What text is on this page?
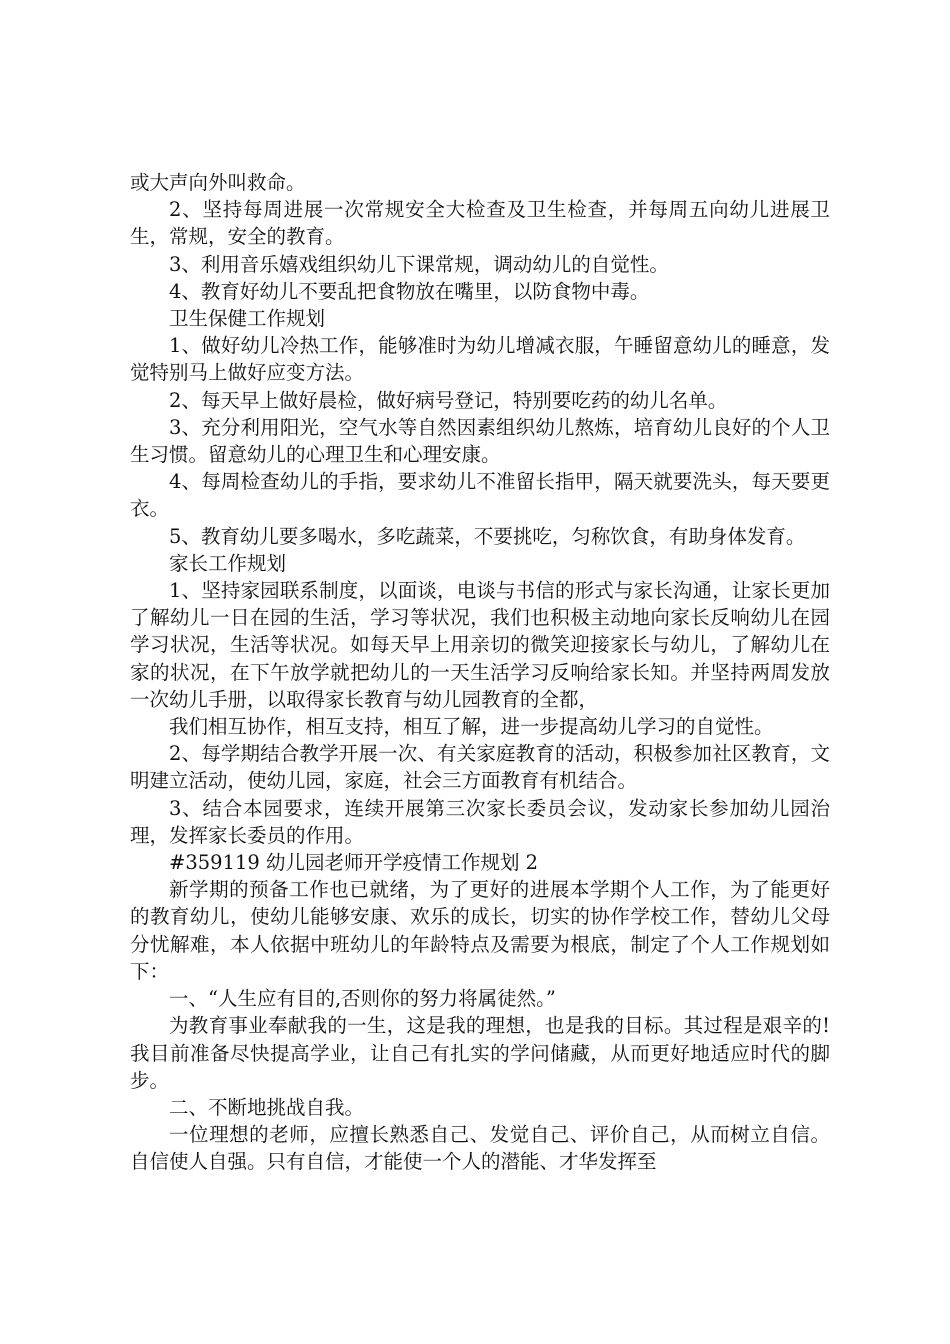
或大声向外叫救命。

2、坚持每周进展一次常规安全大检查及卫生检查，并每周五向幼儿进展卫生，常规，安全的教育。

3、利用音乐嬉戏组织幼儿下课常规，调动幼儿的自觉性。

4、教育好幼儿不要乱把食物放在嘴里，以防食物中毒。

卫生保健工作规划

1、做好幼儿冷热工作，能够准时为幼儿增减衣服，午睡留意幼儿的睡意，发觉特别马上做好应变方法。

2、每天早上做好晨检，做好病号登记，特别要吃药的幼儿名单。

3、充分利用阳光，空气水等自然因素组织幼儿熬炼，培育幼儿良好的个人卫生习惯。留意幼儿的心理卫生和心理安康。

4、每周检查幼儿的手指，要求幼儿不准留长指甲，隔天就要洗头，每天要更衣。

5、教育幼儿要多喝水，多吃蔬菜，不要挑吃，匀称饮食，有助身体发育。

家长工作规划

1、坚持家园联系制度，以面谈，电谈与书信的形式与家长沟通，让家长更加了解幼儿一日在园的生活，学习等状况，我们也积极主动地向家长反响幼儿在园学习状况，生活等状况。如每天早上用亲切的微笑迎接家长与幼儿，了解幼儿在家的状况，在下午放学就把幼儿的一天生活学习反响给家长知。并坚持两周发放一次幼儿手册，以取得家长教育与幼儿园教育的全都，

我们相互协作，相互支持，相互了解，进一步提高幼儿学习的自觉性。

2、每学期结合教学开展一次、有关家庭教育的活动，积极参加社区教育，文明建立活动，使幼儿园，家庭，社会三方面教育有机结合。

3、结合本园要求，连续开展第三次家长委员会议，发动家长参加幼儿园治理，发挥家长委员的作用。

#359119 幼儿园老师开学疫情工作规划 2

新学期的预备工作也已就绪，为了更好的进展本学期个人工作，为了能更好的教育幼儿，使幼儿能够安康、欢乐的成长，切实的协作学校工作，替幼儿父母分忧解难，本人依据中班幼儿的年龄特点及需要为根底，制定了个人工作规划如下：

一、“人生应有目的,否则你的努力将属徒然。”

为教育事业奉献我的一生，这是我的理想，也是我的目标。其过程是艰辛的!我目前准备尽快提高学业，让自己有扎实的学问储藏，从而更好地适应时代的脚步。

二、不断地挑战自我。

一位理想的老师，应擅长熟悉自己、发觉自己、评价自己，从而树立自信。自信使人自强。只有自信，才能使一个人的潜能、才华发挥至
